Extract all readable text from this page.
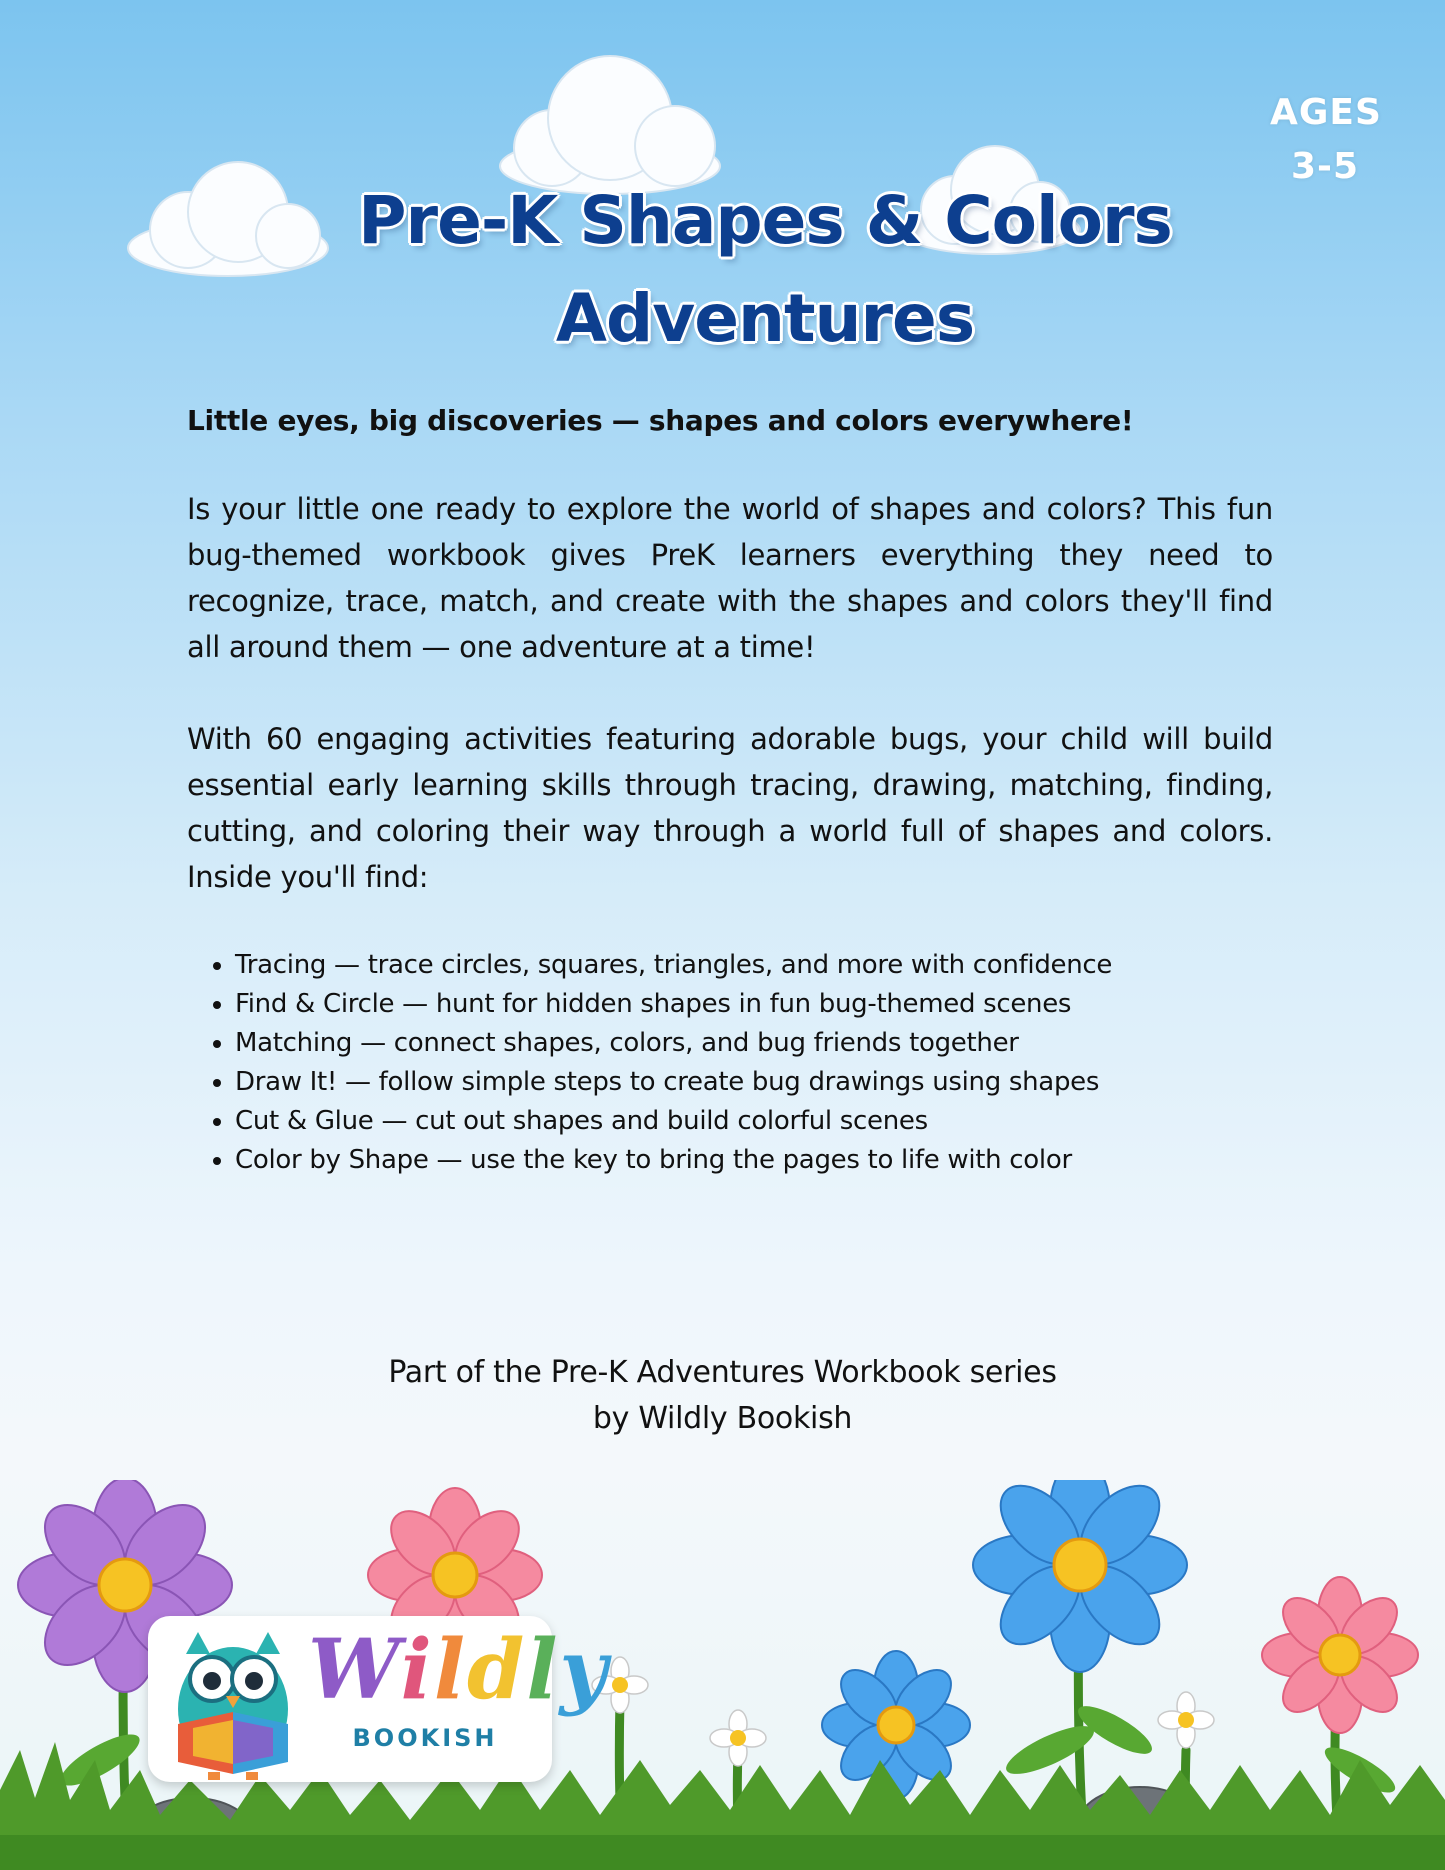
AGES
3-5
Pre-K Shapes & Colors
Adventures

Little eyes, big discoveries — shapes and colors everywhere!

Is your little one ready to explore the world of shapes and colors? This fun bug-themed workbook gives PreK learners everything they need to recognize, trace, match, and create with the shapes and colors they'll find all around them — one adventure at a time!

With 60 engaging activities featuring adorable bugs, your child will build essential early learning skills through tracing, drawing, matching, finding, cutting, and coloring their way through a world full of shapes and colors. Inside you'll find:

• Tracing — trace circles, squares, triangles, and more with confidence
• Find & Circle — hunt for hidden shapes in fun bug-themed scenes
• Matching — connect shapes, colors, and bug friends together
• Draw It! — follow simple steps to create bug drawings using shapes
• Cut & Glue — cut out shapes and build colorful scenes
• Color by Shape — use the key to bring the pages to life with color
Part of the Pre-K Adventures Workbook series
by Wildly Bookish
Wildly
BOOKISH
